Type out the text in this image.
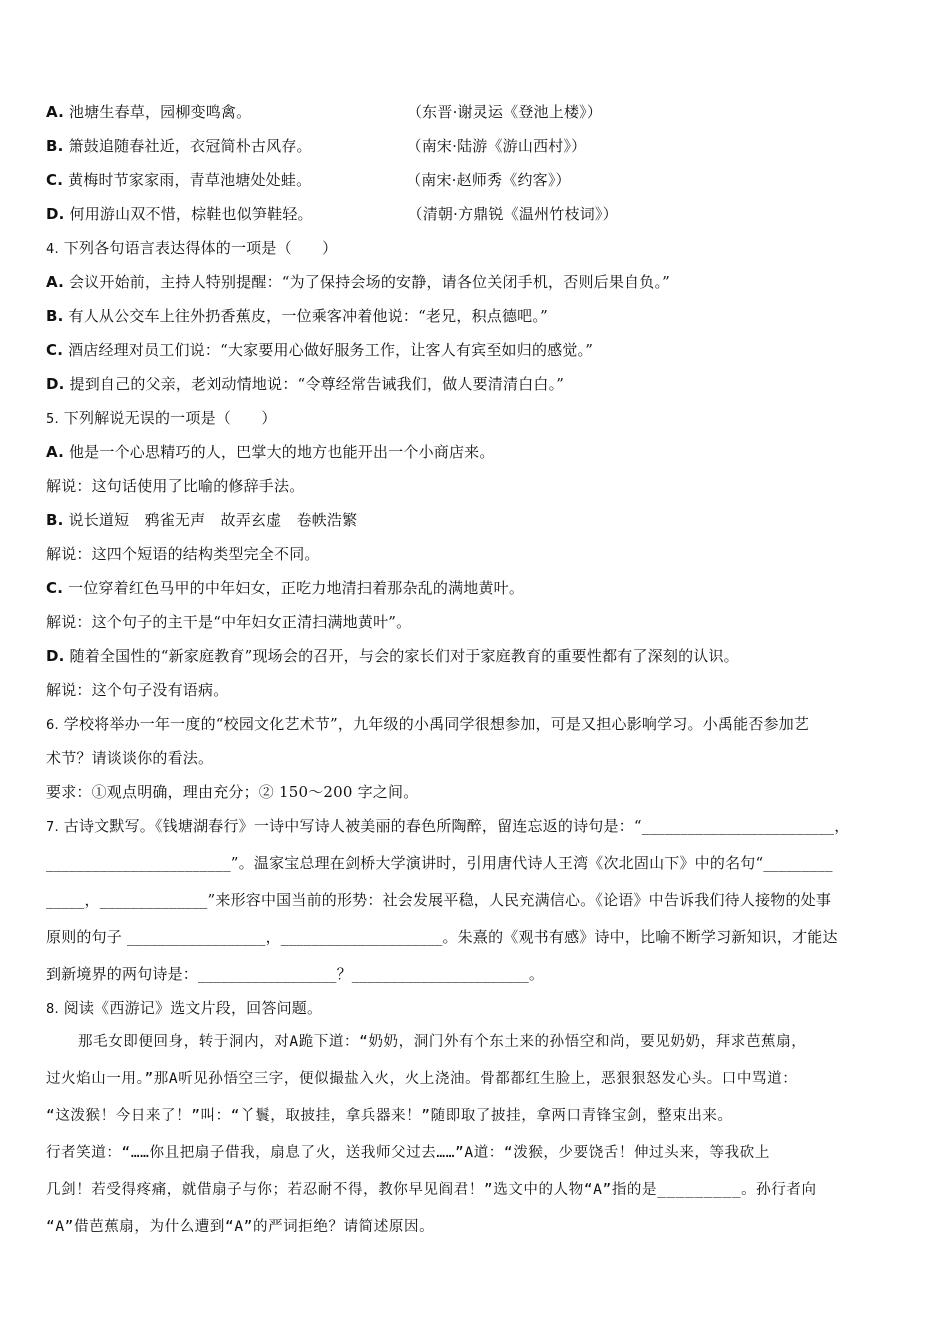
A. 池塘生春草，园柳变鸣禽。	（东晋·谢灵运《登池上楼》）
B. 箫鼓追随春社近，衣冠简朴古风存。	（南宋·陆游《游山西村》）
C. 黄梅时节家家雨，青草池塘处处蛙。	（南宋·赵师秀《约客》）
D. 何用游山双不惜，棕鞋也似笋鞋轻。	（清朝·方鼎锐《温州竹枝词》）
4. 下列各句语言表达得体的一项是（　　）
A. 会议开始前，主持人特别提醒：“为了保持会场的安静，请各位关闭手机，否则后果自负。”
B. 有人从公交车上往外扔香蕉皮，一位乘客冲着他说：“老兄，积点德吧。”
C. 酒店经理对员工们说：“大家要用心做好服务工作，让客人有宾至如归的感觉。”
D. 提到自己的父亲，老刘动情地说：“令尊经常告诫我们，做人要清清白白。”
5. 下列解说无误的一项是（　　）
A. 他是一个心思精巧的人，巴掌大的地方也能开出一个小商店来。
解说：这句话使用了比喻的修辞手法。
B. 说长道短　鸦雀无声　故弄玄虚　卷帙浩繁
解说：这四个短语的结构类型完全不同。
C. 一位穿着红色马甲的中年妇女，正吃力地清扫着那杂乱的满地黄叶。
解说：这个句子的主干是“中年妇女正清扫满地黄叶”。
D. 随着全国性的“新家庭教育”现场会的召开，与会的家长们对于家庭教育的重要性都有了深刻的认识。
解说：这个句子没有语病。
6. 学校将举办一年一度的“校园文化艺术节”，九年级的小禹同学很想参加，可是又担心影响学习。小禹能否参加艺
术节？请谈谈你的看法。
要求：①观点明确，理由充分；② 150～200 字之间。
7. 古诗文默写。《钱塘湖春行》一诗中写诗人被美丽的春色所陶醉，留连忘返的诗句是：“_________________________，
________________________”。温家宝总理在剑桥大学演讲时，引用唐代诗人王湾《次北固山下》中的名句“_________
_____，______________”来形容中国当前的形势：社会发展平稳，人民充满信心。《论语》中告诉我们待人接物的处事
原则的句子 __________________，_____________________。朱熹的《观书有感》诗中，比喻不断学习新知识，才能达
到新境界的两句诗是：__________________？_______________________。
8. 阅读《西游记》选文片段，回答问题。
那毛女即便回身，转于洞内，对A跪下道：“奶奶，洞门外有个东土来的孙悟空和尚，要见奶奶，拜求芭蕉扇，
过火焰山一用。”那A听见孙悟空三字，便似撮盐入火，火上浇油。骨都都红生脸上，恶狠狠怒发心头。口中骂道：
“这泼猴！今日来了！”叫：“丫鬟，取披挂，拿兵器来！”随即取了披挂，拿两口青锋宝剑，整束出来。
行者笑道：“……你且把扇子借我，扇息了火，送我师父过去……”A道：“泼猴，少要饶舌！伸过头来，等我砍上
几剑！若受得疼痛，就借扇子与你；若忍耐不得，教你早见阎君！”选文中的人物“A”指的是_________。孙行者向
“A”借芭蕉扇，为什么遭到“A”的严词拒绝？请简述原因。
